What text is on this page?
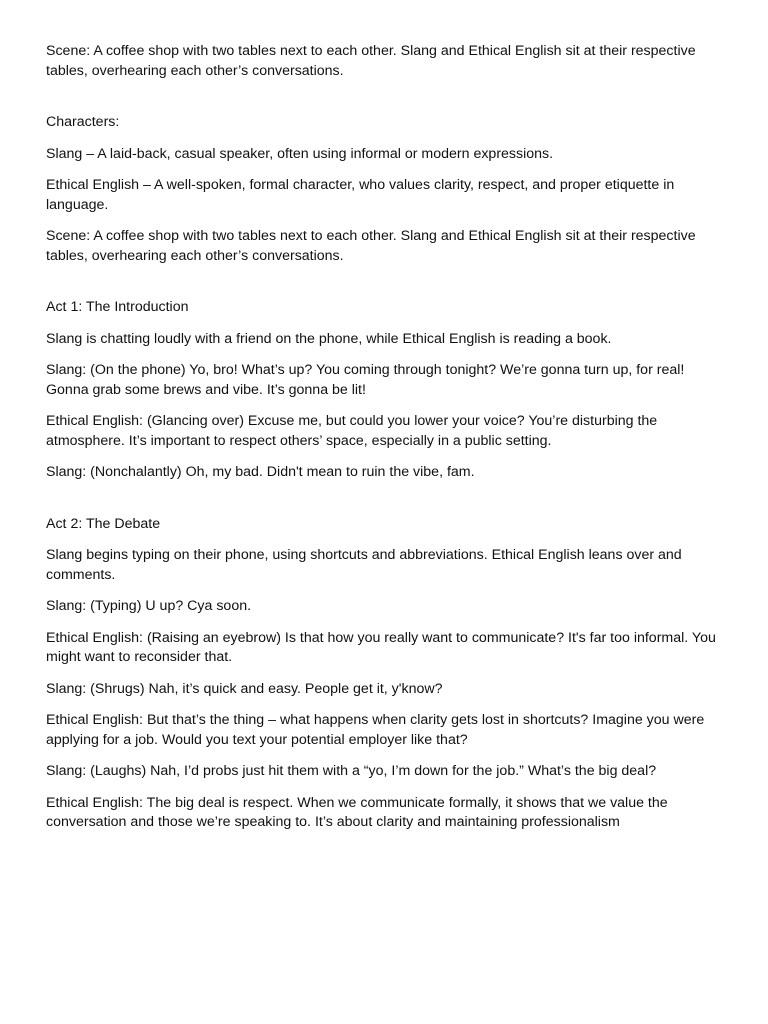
Scene: A coffee shop with two tables next to each other. Slang and Ethical English sit at their respective tables, overhearing each other’s conversations.

Characters:

Slang – A laid-back, casual speaker, often using informal or modern expressions.

Ethical English – A well-spoken, formal character, who values clarity, respect, and proper etiquette in language.

Scene: A coffee shop with two tables next to each other. Slang and Ethical English sit at their respective tables, overhearing each other’s conversations.

Act 1: The Introduction

Slang is chatting loudly with a friend on the phone, while Ethical English is reading a book.

Slang: (On the phone) Yo, bro! What’s up? You coming through tonight? We’re gonna turn up, for real! Gonna grab some brews and vibe. It’s gonna be lit!

Ethical English: (Glancing over) Excuse me, but could you lower your voice? You’re disturbing the atmosphere. It’s important to respect others’ space, especially in a public setting.

Slang: (Nonchalantly) Oh, my bad. Didn't mean to ruin the vibe, fam.

Act 2: The Debate

Slang begins typing on their phone, using shortcuts and abbreviations. Ethical English leans over and comments.

Slang: (Typing) U up? Cya soon.

Ethical English: (Raising an eyebrow) Is that how you really want to communicate? It's far too informal. You might want to reconsider that.

Slang: (Shrugs) Nah, it’s quick and easy. People get it, y'know?

Ethical English: But that’s the thing – what happens when clarity gets lost in shortcuts? Imagine you were applying for a job. Would you text your potential employer like that?

Slang: (Laughs) Nah, I’d probs just hit them with a “yo, I’m down for the job.” What’s the big deal?

Ethical English: The big deal is respect. When we communicate formally, it shows that we value the conversation and those we’re speaking to. It’s about clarity and maintaining professionalism
